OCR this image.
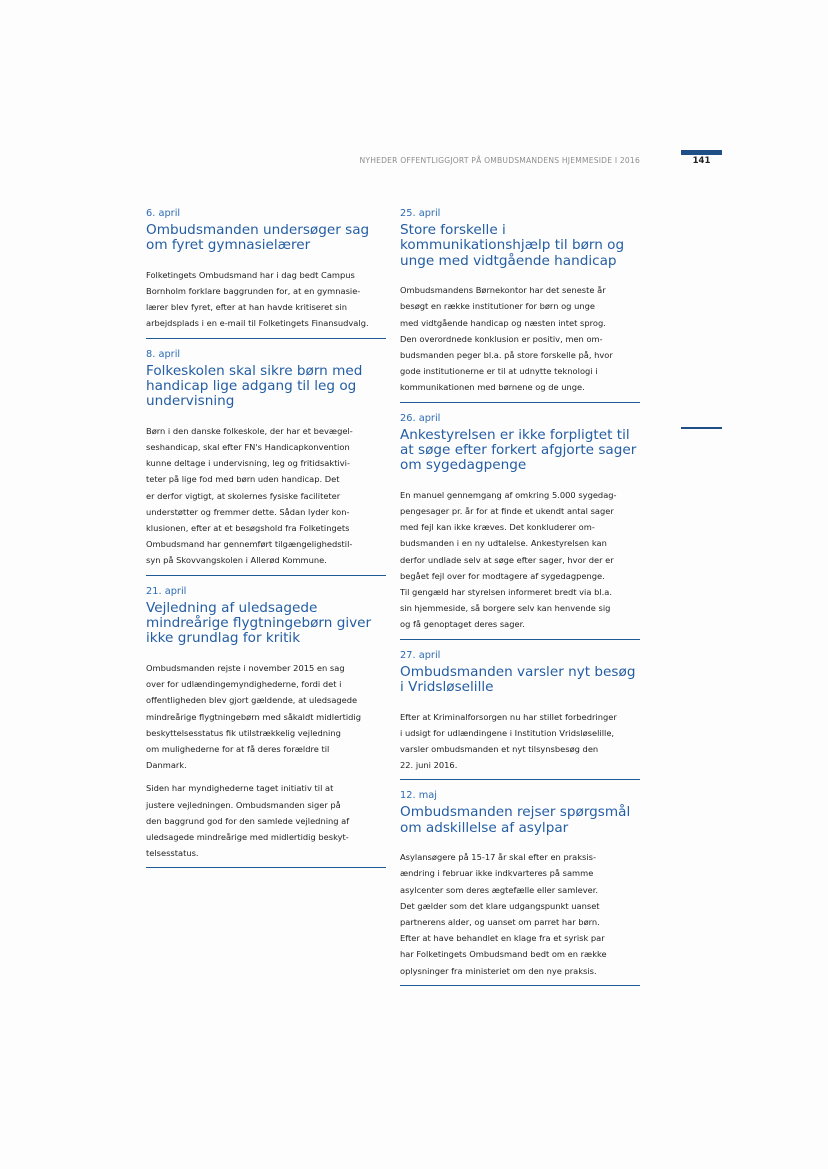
NYHEDER OFFENTLIGGJORT PÅ OMBUDSMANDENS HJEMMESIDE I 2016	141
6. april
Ombudsmanden undersøger sag om fyret gymnasielærer
Folketingets Ombudsmand har i dag bedt Campus
Bornholm forklare baggrunden for, at en gymnasie-
lærer blev fyret, efter at han havde kritiseret sin
arbejdsplads i en e-mail til Folketingets Finansudvalg.
8. april
Folkeskolen skal sikre børn med handicap lige adgang til leg og undervisning
Børn i den danske folkeskole, der har et bevægel-
seshandicap, skal efter FN's Handicapkonvention
kunne deltage i undervisning, leg og fritidsaktivi-
teter på lige fod med børn uden handicap. Det
er derfor vigtigt, at skolernes fysiske faciliteter
understøtter og fremmer dette. Sådan lyder kon-
klusionen, efter at et besøgshold fra Folketingets
Ombudsmand har gennemført tilgængelighedstil-
syn på Skovvangskolen i Allerød Kommune.
21. april
Vejledning af uledsagede mindreårige flygtningebørn giver ikke grundlag for kritik
Ombudsmanden rejste i november 2015 en sag
over for udlændingemyndighederne, fordi det i
offentligheden blev gjort gældende, at uledsagede
mindreårige flygtningebørn med såkaldt midlertidig
beskyttelsesstatus fik utilstrækkelig vejledning
om mulighederne for at få deres forældre til
Danmark.
Siden har myndighederne taget initiativ til at
justere vejledningen. Ombudsmanden siger på
den baggrund god for den samlede vejledning af
uledsagede mindreårige med midlertidig beskyt-
telsesstatus.
25. april
Store forskelle i kommunikationshjælp til børn og unge med vidtgående handicap
Ombudsmandens Børnekontor har det seneste år
besøgt en række institutioner for børn og unge
med vidtgående handicap og næsten intet sprog.
Den overordnede konklusion er positiv, men om-
budsmanden peger bl.a. på store forskelle på, hvor
gode institutionerne er til at udnytte teknologi i
kommunikationen med børnene og de unge.
26. april
Ankestyrelsen er ikke forpligtet til at søge efter forkert afgjorte sager om sygedagpenge
En manuel gennemgang af omkring 5.000 sygedag-
pengesager pr. år for at finde et ukendt antal sager
med fejl kan ikke kræves. Det konkluderer om-
budsmanden i en ny udtalelse. Ankestyrelsen kan
derfor undlade selv at søge efter sager, hvor der er
begået fejl over for modtagere af sygedagpenge.
Til gengæld har styrelsen informeret bredt via bl.a.
sin hjemmeside, så borgere selv kan henvende sig
og få genoptaget deres sager.
27. april
Ombudsmanden varsler nyt besøg i Vridsløselille
Efter at Kriminalforsorgen nu har stillet forbedringer
i udsigt for udlændingene i Institution Vridsløselille,
varsler ombudsmanden et nyt tilsynsbesøg den
22. juni 2016.
12. maj
Ombudsmanden rejser spørgsmål om adskillelse af asylpar
Asylansøgere på 15-17 år skal efter en praksis-
ændring i februar ikke indkvarteres på samme
asylcenter som deres ægtefælle eller samlever.
Det gælder som det klare udgangspunkt uanset
partnerens alder, og uanset om parret har børn.
Efter at have behandlet en klage fra et syrisk par
har Folketingets Ombudsmand bedt om en række
oplysninger fra ministeriet om den nye praksis.
